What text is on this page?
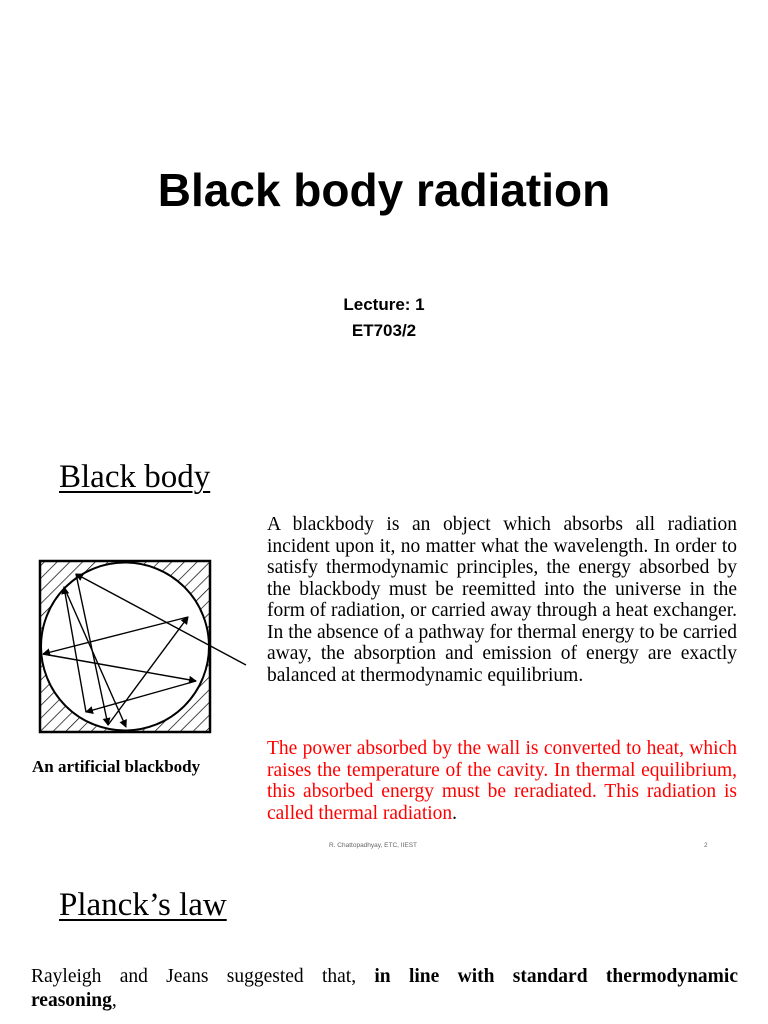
Black body radiation
Lecture: 1
ET703/2
Black body
An artificial blackbody

A blackbody is an object which absorbs all radiation incident upon it, no matter what the wavelength. In order to satisfy thermodynamic principles, the energy absorbed by the blackbody must be reemitted into the universe in the form of radiation, or carried away through a heat exchanger. In the absence of a pathway for thermal energy to be carried away, the absorption and emission of energy are exactly balanced at thermodynamic equilibrium.

The power absorbed by the wall is converted to heat, which raises the temperature of the cavity. In thermal equilibrium, this absorbed energy must be reradiated. This radiation is called thermal radiation.

R. Chattopadhyay, ETC, IIEST	2
Planck’s law

Rayleigh and Jeans suggested that, in line with standard thermodynamic

reasoning,
